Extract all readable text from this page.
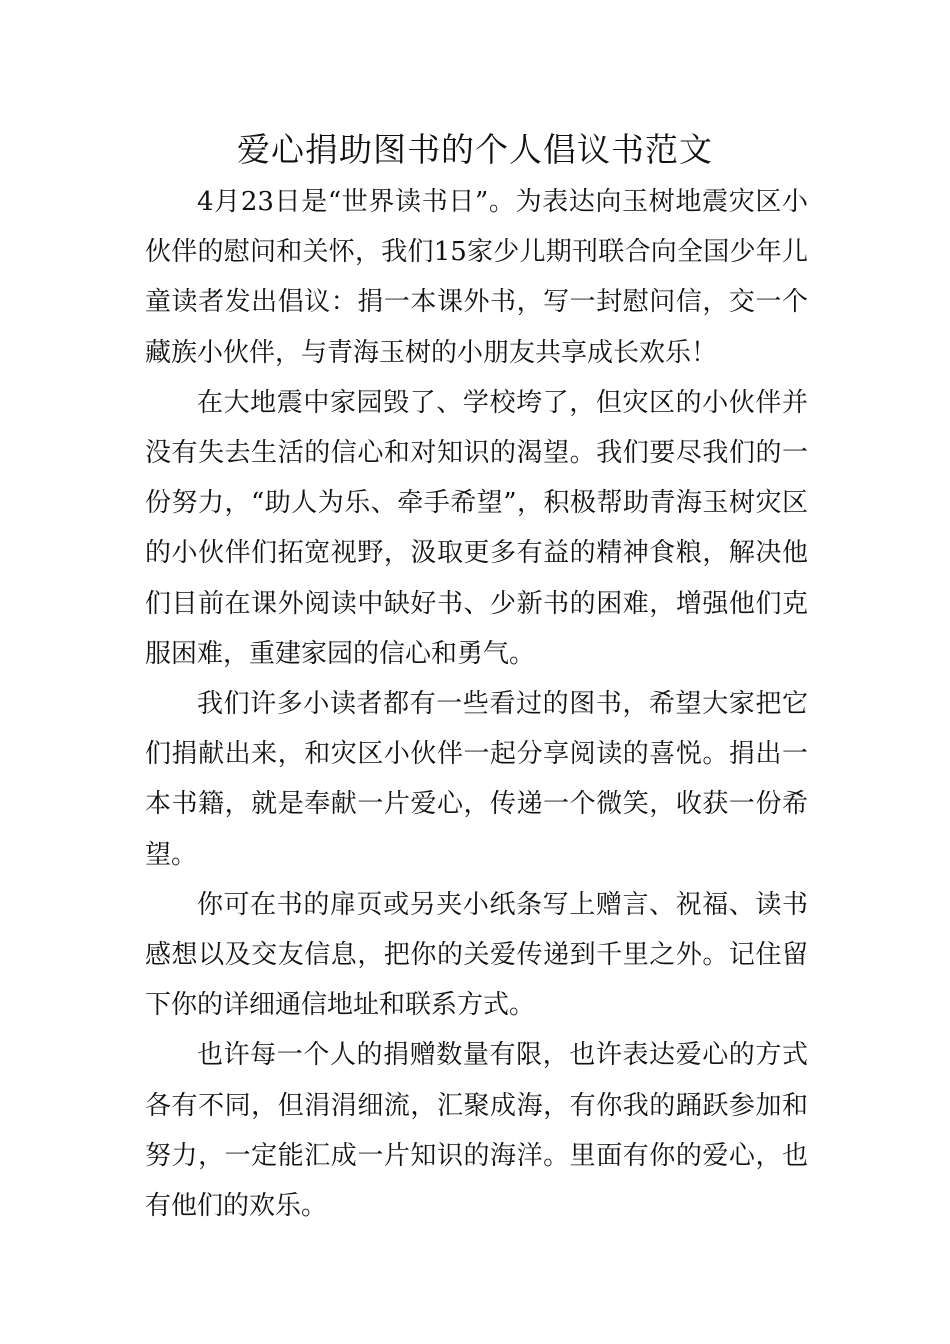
爱心捐助图书的个人倡议书范文

4月23日是“世界读书日”。为表达向玉树地震灾区小伙伴的慰问和关怀，我们15家少儿期刊联合向全国少年儿童读者发出倡议：捐一本课外书，写一封慰问信，交一个藏族小伙伴，与青海玉树的小朋友共享成长欢乐！

在大地震中家园毁了、学校垮了，但灾区的小伙伴并没有失去生活的信心和对知识的渴望。我们要尽我们的一份努力，“助人为乐、牵手希望”，积极帮助青海玉树灾区的小伙伴们拓宽视野，汲取更多有益的精神食粮，解决他们目前在课外阅读中缺好书、少新书的困难，增强他们克服困难，重建家园的信心和勇气。

我们许多小读者都有一些看过的图书，希望大家把它们捐献出来，和灾区小伙伴一起分享阅读的喜悦。捐出一本书籍，就是奉献一片爱心，传递一个微笑，收获一份希望。

你可在书的扉页或另夹小纸条写上赠言、祝福、读书感想以及交友信息，把你的关爱传递到千里之外。记住留下你的详细通信地址和联系方式。

也许每一个人的捐赠数量有限，也许表达爱心的方式各有不同，但涓涓细流，汇聚成海，有你我的踊跃参加和努力，一定能汇成一片知识的海洋。里面有你的爱心，也有他们的欢乐。
